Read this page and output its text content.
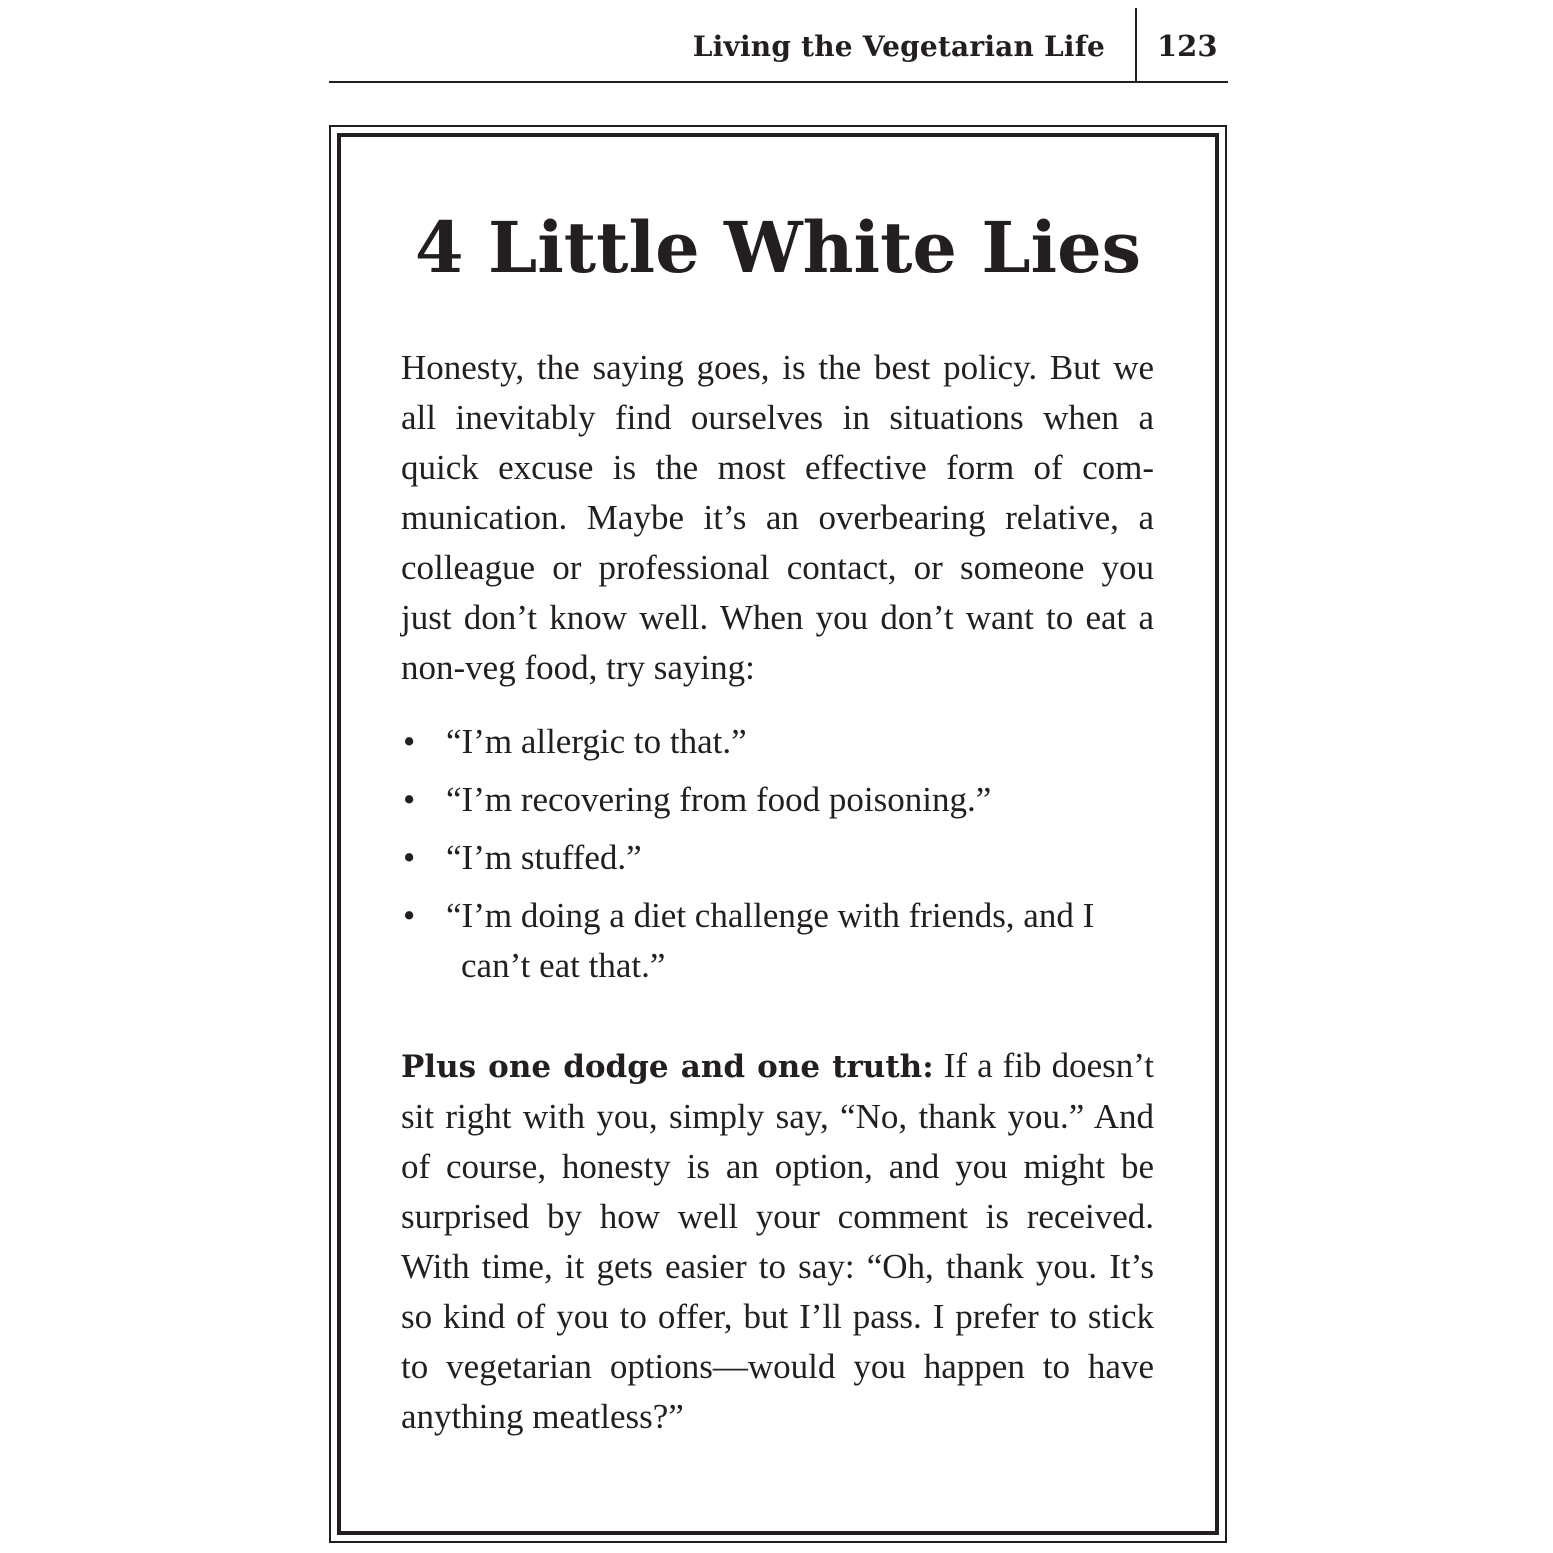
Living the Vegetarian Life 123
4 Little White Lies

Honesty, the saying goes, is the best policy. But we all inevitably find ourselves in situations when a quick excuse is the most effective form of communication. Maybe it’s an overbearing relative, a colleague or professional contact, or someone you just don’t know well. When you don’t want to eat a non-veg food, try saying:

• “I’m allergic to that.”
• “I’m recovering from food poisoning.”
• “I’m stuffed.”
• “I’m doing a diet challenge with friends, and I can’t eat that.”

Plus one dodge and one truth: If a fib doesn’t sit right with you, simply say, “No, thank you.” And of course, honesty is an option, and you might be surprised by how well your comment is received. With time, it gets easier to say: “Oh, thank you. It’s so kind of you to offer, but I’ll pass. I prefer to stick to vegetarian options—would you happen to have anything meatless?”
